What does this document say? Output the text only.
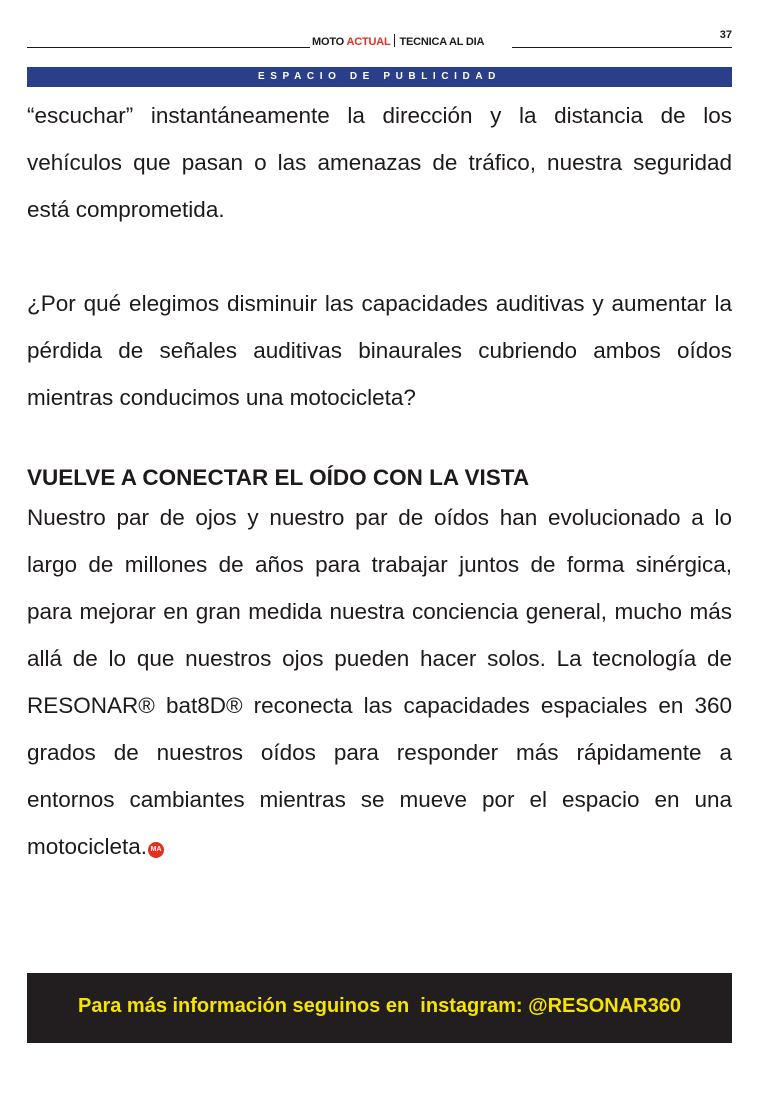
MOTO ACTUAL TECNICA AL DIA
37
ESPACIO DE PUBLICIDAD

“escuchar” instantáneamente la dirección y la distancia de los vehículos que pasan o las amenazas de tráfico, nuestra seguridad está comprometida.

¿Por qué elegimos disminuir las capacidades auditivas y aumentar la pérdida de señales auditivas binaurales cubriendo ambos oídos mientras conducimos una motocicleta?

VUELVE A CONECTAR EL OÍDO CON LA VISTA

Nuestro par de ojos y nuestro par de oídos han evolucionado a lo largo de millones de años para trabajar juntos de forma sinérgica, para mejorar en gran medida nuestra conciencia general, mucho más allá de lo que nuestros ojos pueden hacer solos. La tecnología de RESONAR® bat8D® reconecta las capacidades espaciales en 360 grados de nuestros oídos para responder más rápidamente a entornos cambiantes mientras se mueve por el espacio en una motocicleta. MA

Para más información seguinos en  instagram: @RESONAR360
